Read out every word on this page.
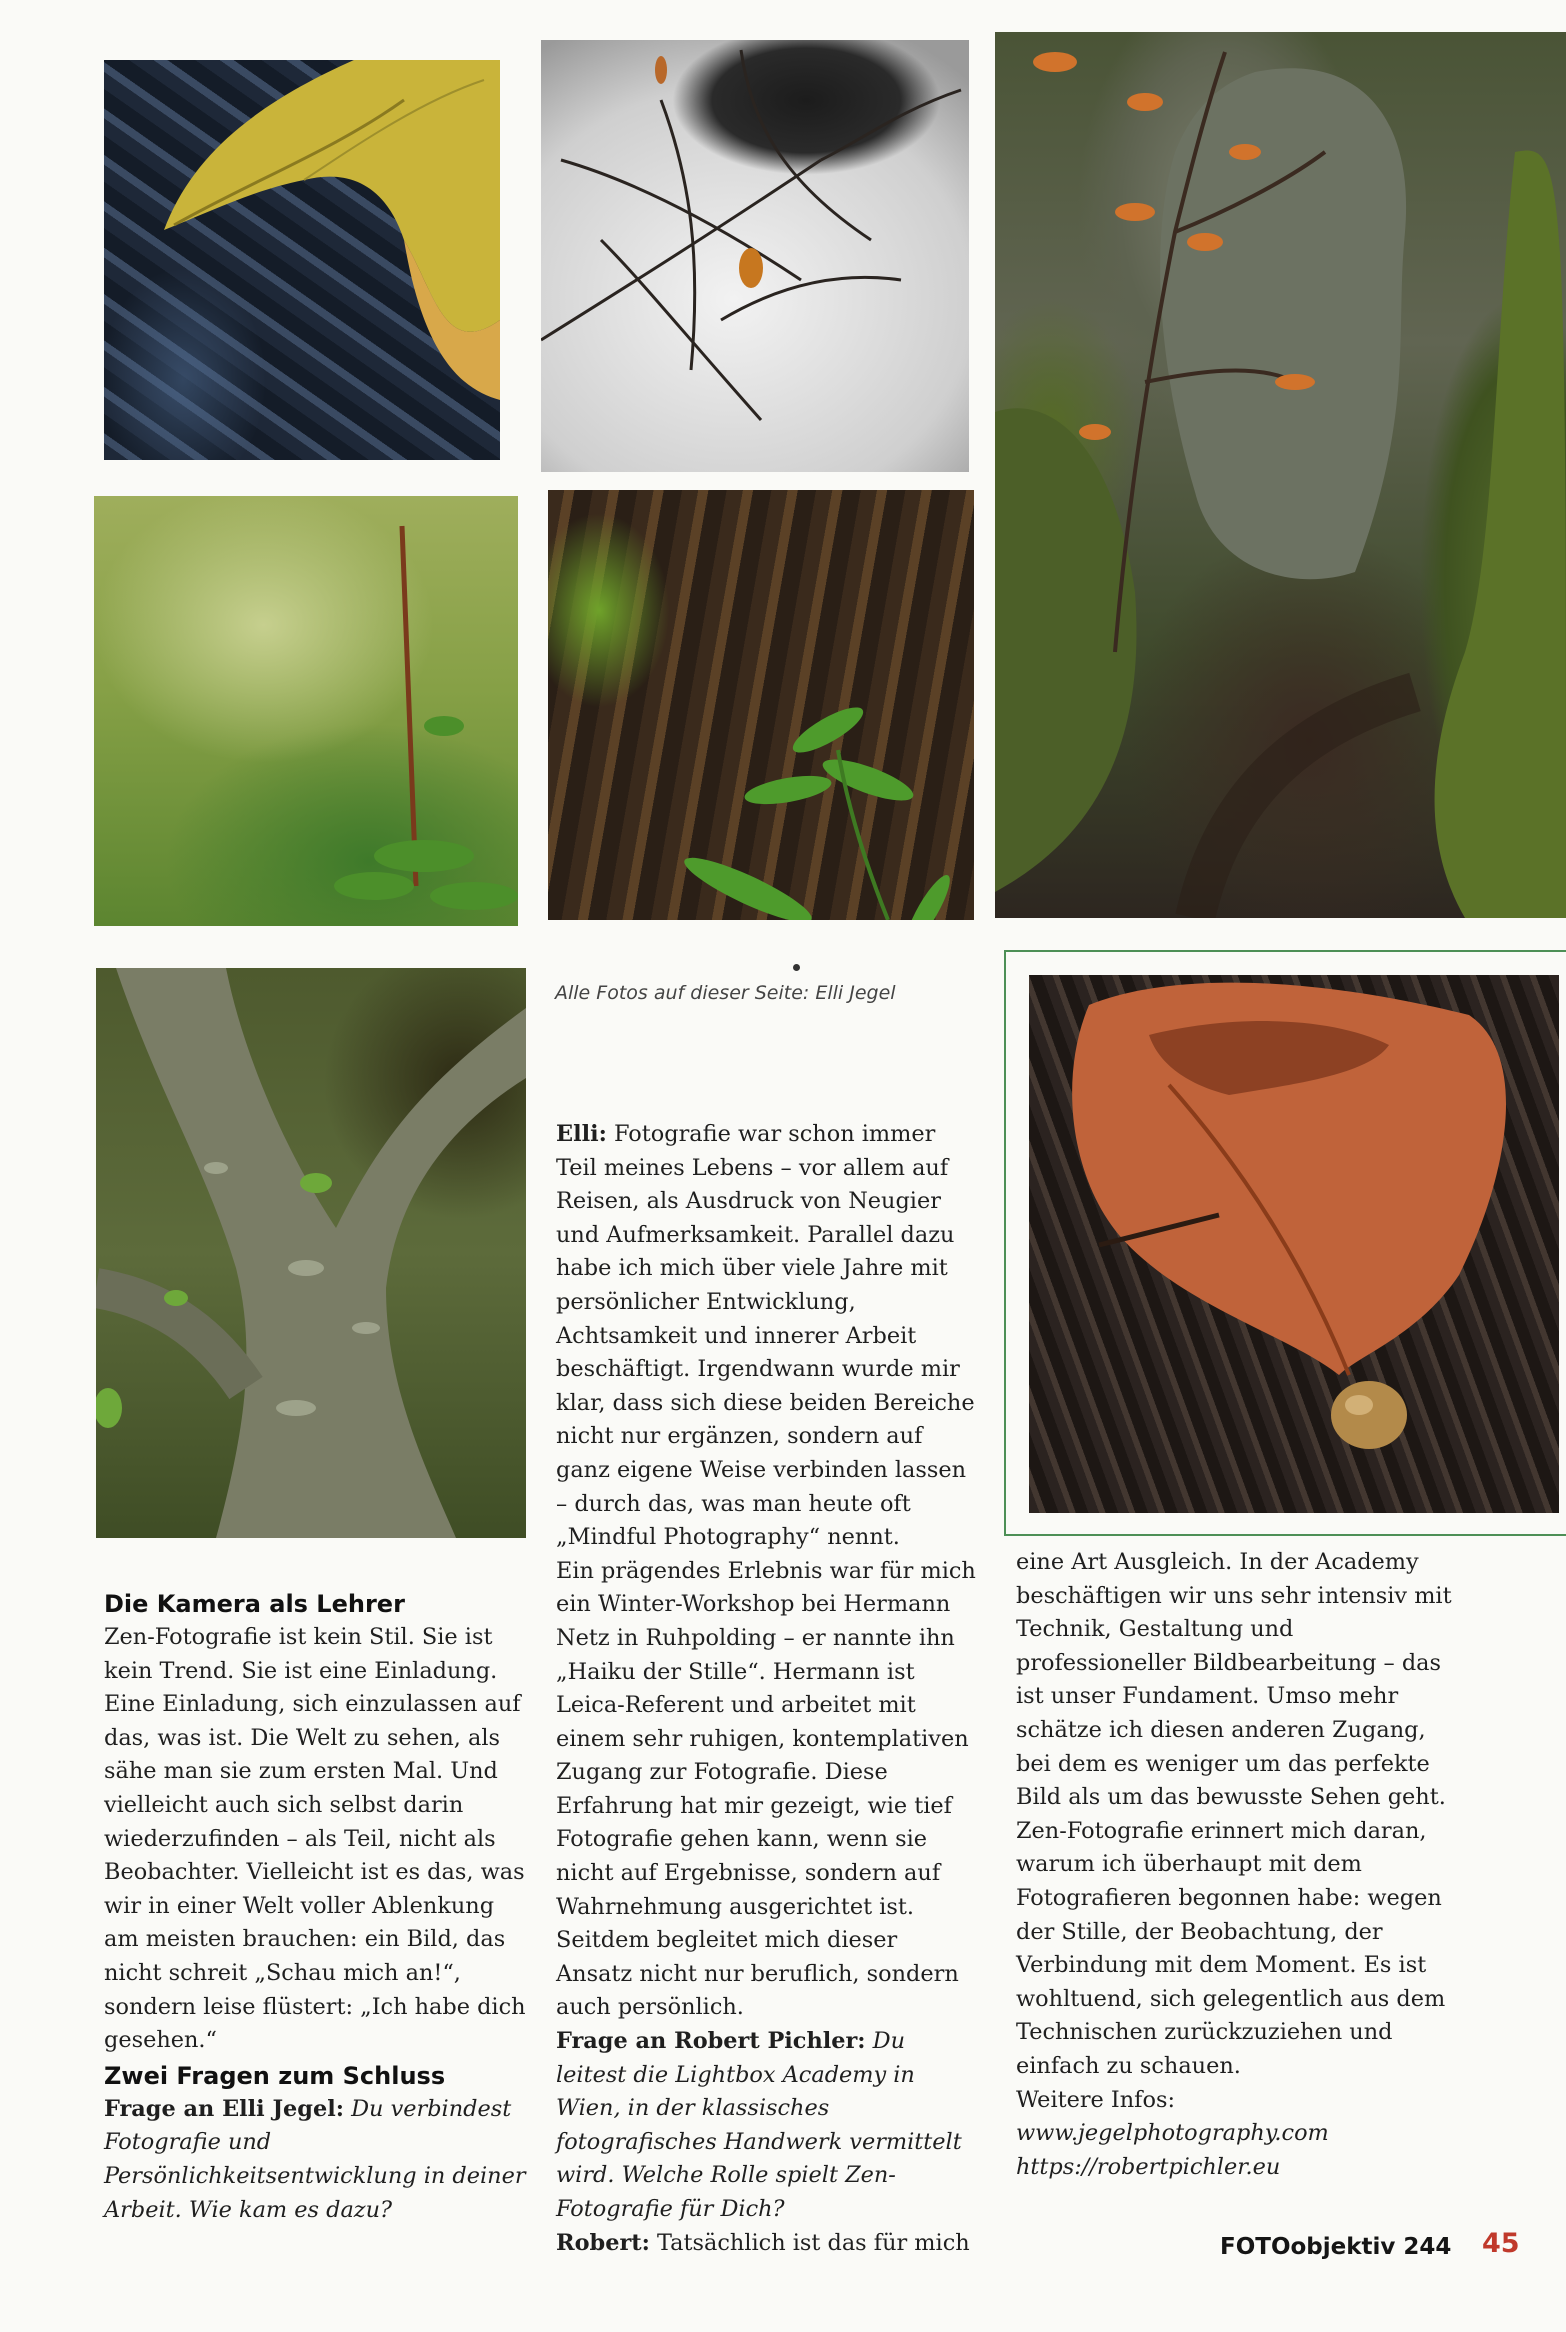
Alle Fotos auf dieser Seite: Elli Jegel

Die Kamera als Lehrer

Zen-Fotografie ist kein Stil. Sie ist kein Trend. Sie ist eine Einladung. Eine Einladung, sich einzulassen auf das, was ist. Die Welt zu sehen, als sähe man sie zum ersten Mal. Und vielleicht auch sich selbst darin wiederzufinden – als Teil, nicht als Beobachter. Vielleicht ist es das, was wir in einer Welt voller Ablenkung am meisten brauchen: ein Bild, das nicht schreit „Schau mich an!“, sondern leise flüstert: „Ich habe dich gesehen.“

Zwei Fragen zum Schluss

Frage an Elli Jegel: Du verbindest Fotografie und Persönlichkeitsentwicklung in deiner Arbeit. Wie kam es dazu?

Elli: Fotografie war schon immer Teil meines Lebens – vor allem auf Reisen, als Ausdruck von Neugier und Aufmerksamkeit. Parallel dazu habe ich mich über viele Jahre mit persönlicher Entwicklung, Achtsamkeit und innerer Arbeit beschäftigt. Irgendwann wurde mir klar, dass sich diese beiden Bereiche nicht nur ergänzen, sondern auf ganz eigene Weise verbinden lassen – durch das, was man heute oft „Mindful Photography“ nennt.

Ein prägendes Erlebnis war für mich ein Winter-Workshop bei Hermann Netz in Ruhpolding – er nannte ihn „Haiku der Stille“. Hermann ist Leica-Referent und arbeitet mit einem sehr ruhigen, kontemplativen Zugang zur Fotografie. Diese Erfahrung hat mir gezeigt, wie tief Fotografie gehen kann, wenn sie nicht auf Ergebnisse, sondern auf Wahrnehmung ausgerichtet ist. Seitdem begleitet mich dieser Ansatz nicht nur beruflich, sondern auch persönlich.

Frage an Robert Pichler: Du leitest die Lightbox Academy in Wien, in der klassisches fotografisches Handwerk vermittelt wird. Welche Rolle spielt Zen-Fotografie für Dich?

Robert: Tatsächlich ist das für mich

eine Art Ausgleich. In der Academy beschäftigen wir uns sehr intensiv mit Technik, Gestaltung und professioneller Bildbearbeitung – das ist unser Fundament. Umso mehr schätze ich diesen anderen Zugang, bei dem es weniger um das perfekte Bild als um das bewusste Sehen geht. Zen-Fotografie erinnert mich daran, warum ich überhaupt mit dem Fotografieren begonnen habe: wegen der Stille, der Beobachtung, der Verbindung mit dem Moment. Es ist wohltuend, sich gelegentlich aus dem Technischen zurückzuziehen und einfach zu schauen.

Weitere Infos:

www.jegelphotography.com

https://robertpichler.eu

FOTOobjektiv 244 45
